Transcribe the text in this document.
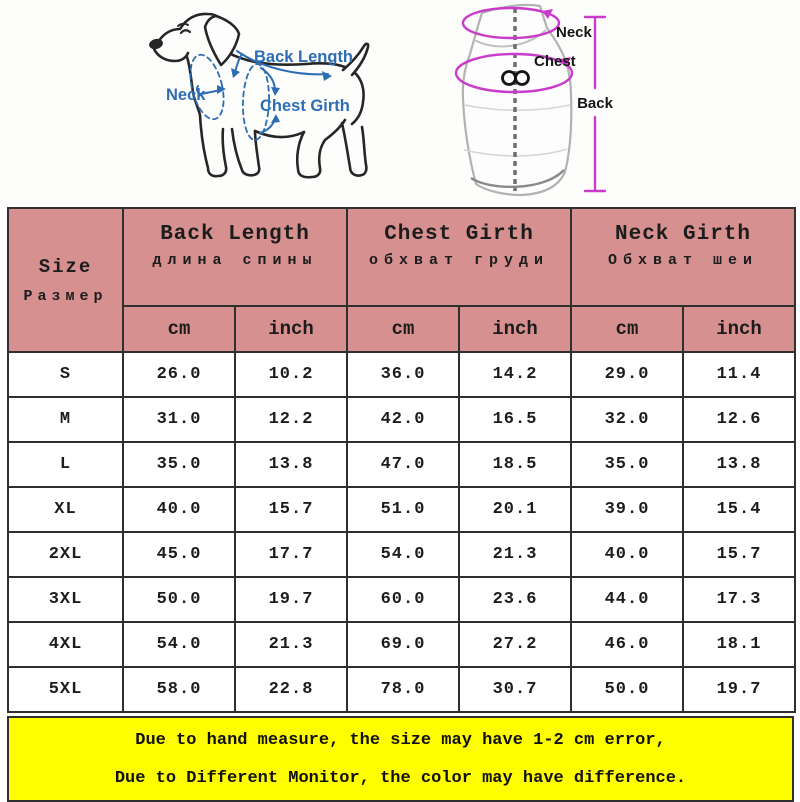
Back Length
Neck
Chest Girth
Neck
Chest
Back
Size
Размер

Back Length
длина спины

Chest Girth
обхват груди

Neck Girth
Обхват шеи

	cm	inch	cm	inch	cm	inch
S	26.0	10.2	36.0	14.2	29.0	11.4
M	31.0	12.2	42.0	16.5	32.0	12.6
L	35.0	13.8	47.0	18.5	35.0	13.8
XL	40.0	15.7	51.0	20.1	39.0	15.4
2XL	45.0	17.7	54.0	21.3	40.0	15.7
3XL	50.0	19.7	60.0	23.6	44.0	17.3
4XL	54.0	21.3	69.0	27.2	46.0	18.1
5XL	58.0	22.8	78.0	30.7	50.0	19.7
Due to hand measure, the size may have 1-2 cm error,
Due to Different Monitor, the color may have difference.
